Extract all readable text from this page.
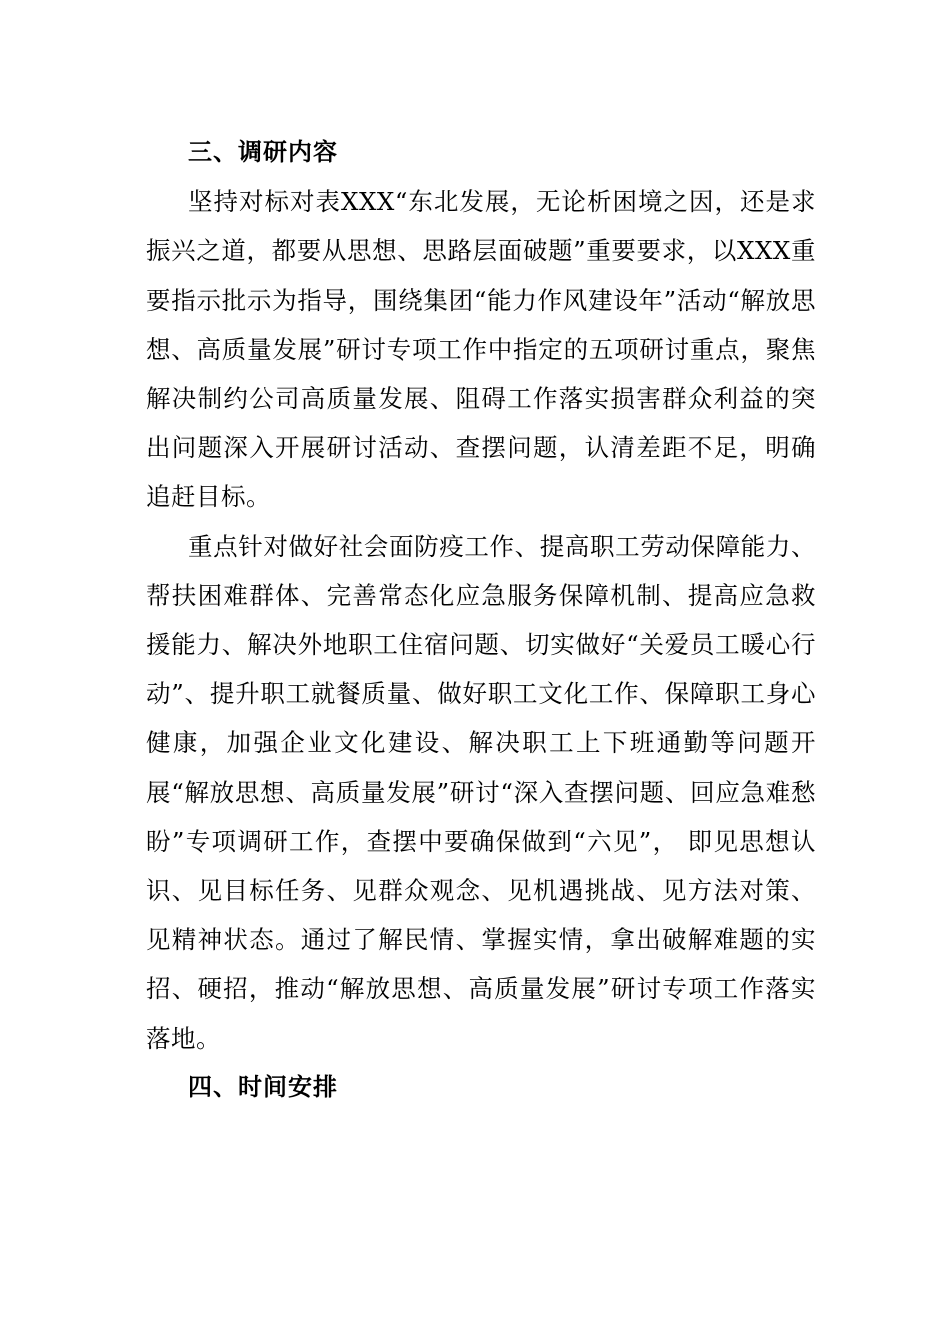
三、调研内容

坚持对标对表XXX“东北发展，无论析困境之因，还是求振兴之道，都要从思想、思路层面破题”重要要求，以XXX重要指示批示为指导，围绕集团“能力作风建设年”活动“解放思想、高质量发展”研讨专项工作中指定的五项研讨重点，聚焦解决制约公司高质量发展、阻碍工作落实损害群众利益的突出问题深入开展研讨活动、查摆问题，认清差距不足，明确追赶目标。

重点针对做好社会面防疫工作、提高职工劳动保障能力、帮扶困难群体、完善常态化应急服务保障机制、提高应急救援能力、解决外地职工住宿问题、切实做好“关爱员工暖心行动”、提升职工就餐质量、做好职工文化工作、保障职工身心健康，加强企业文化建设、解决职工上下班通勤等问题开展“解放思想、高质量发展”研讨“深入查摆问题、回应急难愁盼”专项调研工作，查摆中要确保做到“六见”， 即见思想认识、见目标任务、见群众观念、见机遇挑战、见方法对策、见精神状态。通过了解民情、掌握实情，拿出破解难题的实招、硬招，推动“解放思想、高质量发展”研讨专项工作落实落地。

四、时间安排
